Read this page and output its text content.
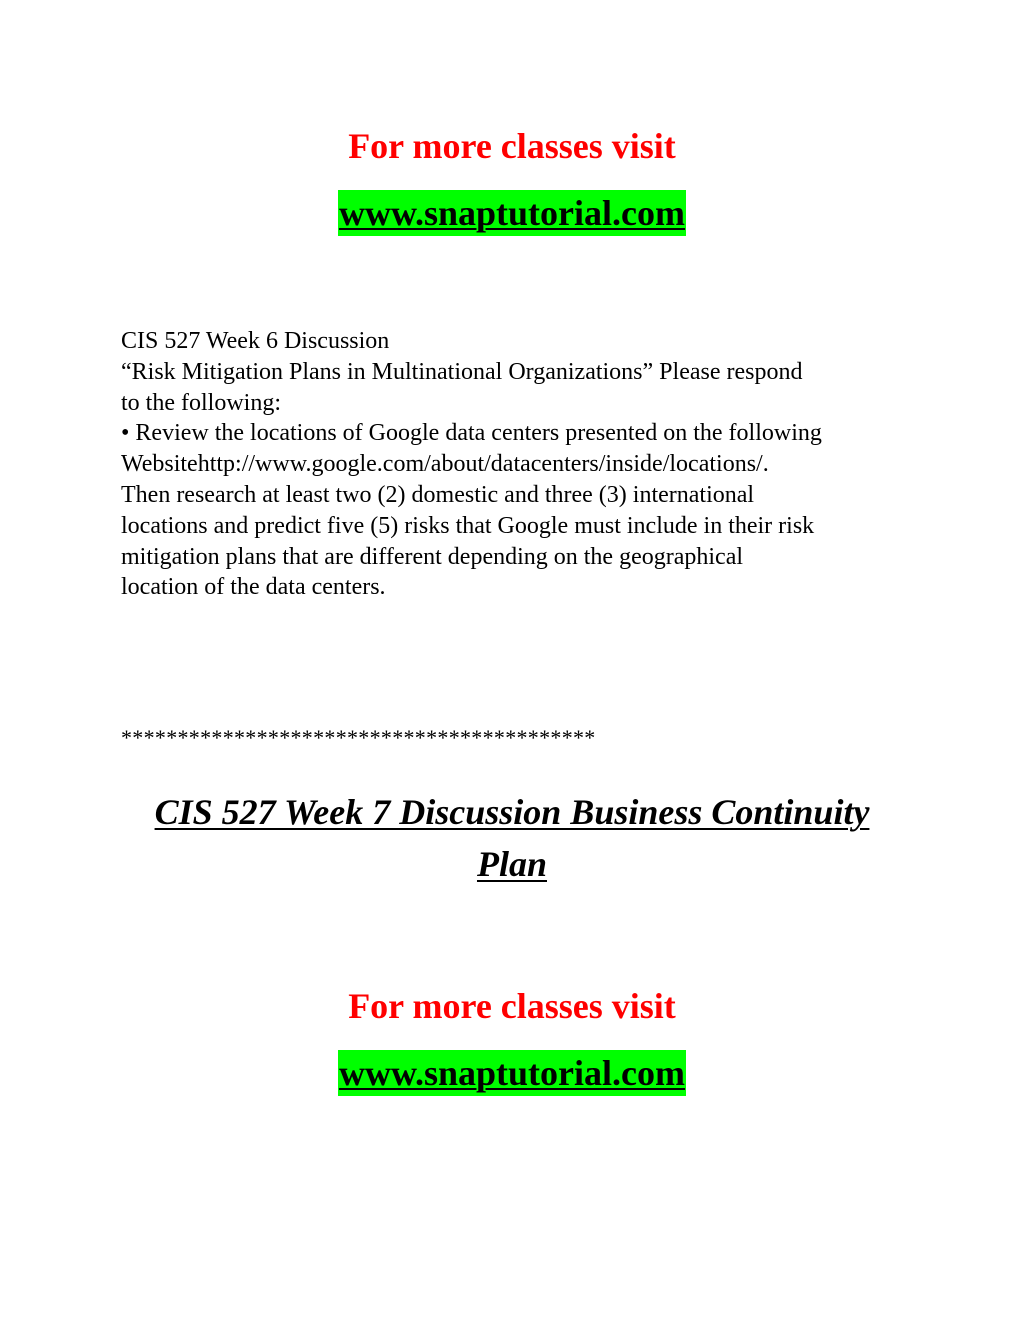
For more classes visit
www.snaptutorial.com
CIS 527 Week 6 Discussion
“Risk Mitigation Plans in Multinational Organizations” Please respond
to the following:
• Review the locations of Google data centers presented on the following
Websitehttp://www.google.com/about/datacenters/inside/locations/.
Then research at least two (2) domestic and three (3) international
locations and predict five (5) risks that Google must include in their risk
mitigation plans that are different depending on the geographical
location of the data centers.
******************************************
CIS 527 Week 7 Discussion Business Continuity
Plan
For more classes visit
www.snaptutorial.com
